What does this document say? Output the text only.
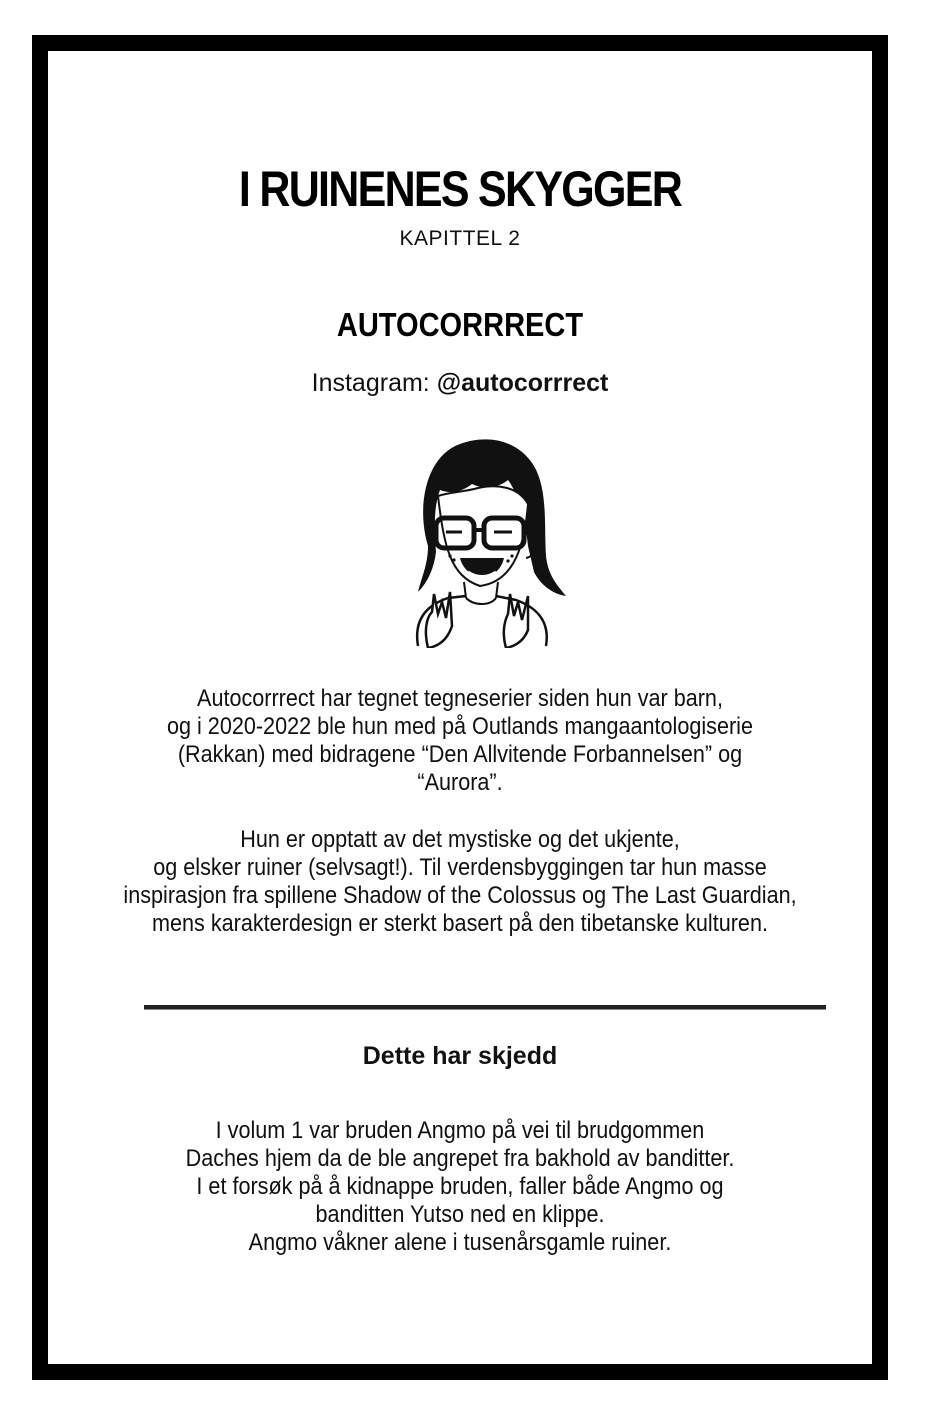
I RUINENES SKYGGER
KAPITTEL 2
AUTOCORRRECT
Instagram: @autocorrrect
Autocorrrect har tegnet tegneserier siden hun var barn,
og i 2020-2022 ble hun med på Outlands mangaantologiserie
(Rakkan) med bidragene “Den Allvitende Forbannelsen” og
“Aurora”.
Hun er opptatt av det mystiske og det ukjente,
og elsker ruiner (selvsagt!). Til verdensbyggingen tar hun masse
inspirasjon fra spillene Shadow of the Colossus og The Last Guardian,
mens karakterdesign er sterkt basert på den tibetanske kulturen.
Dette har skjedd
I volum 1 var bruden Angmo på vei til brudgommen
Daches hjem da de ble angrepet fra bakhold av banditter.
I et forsøk på å kidnappe bruden, faller både Angmo og
banditten Yutso ned en klippe.
Angmo våkner alene i tusenårsgamle ruiner.
